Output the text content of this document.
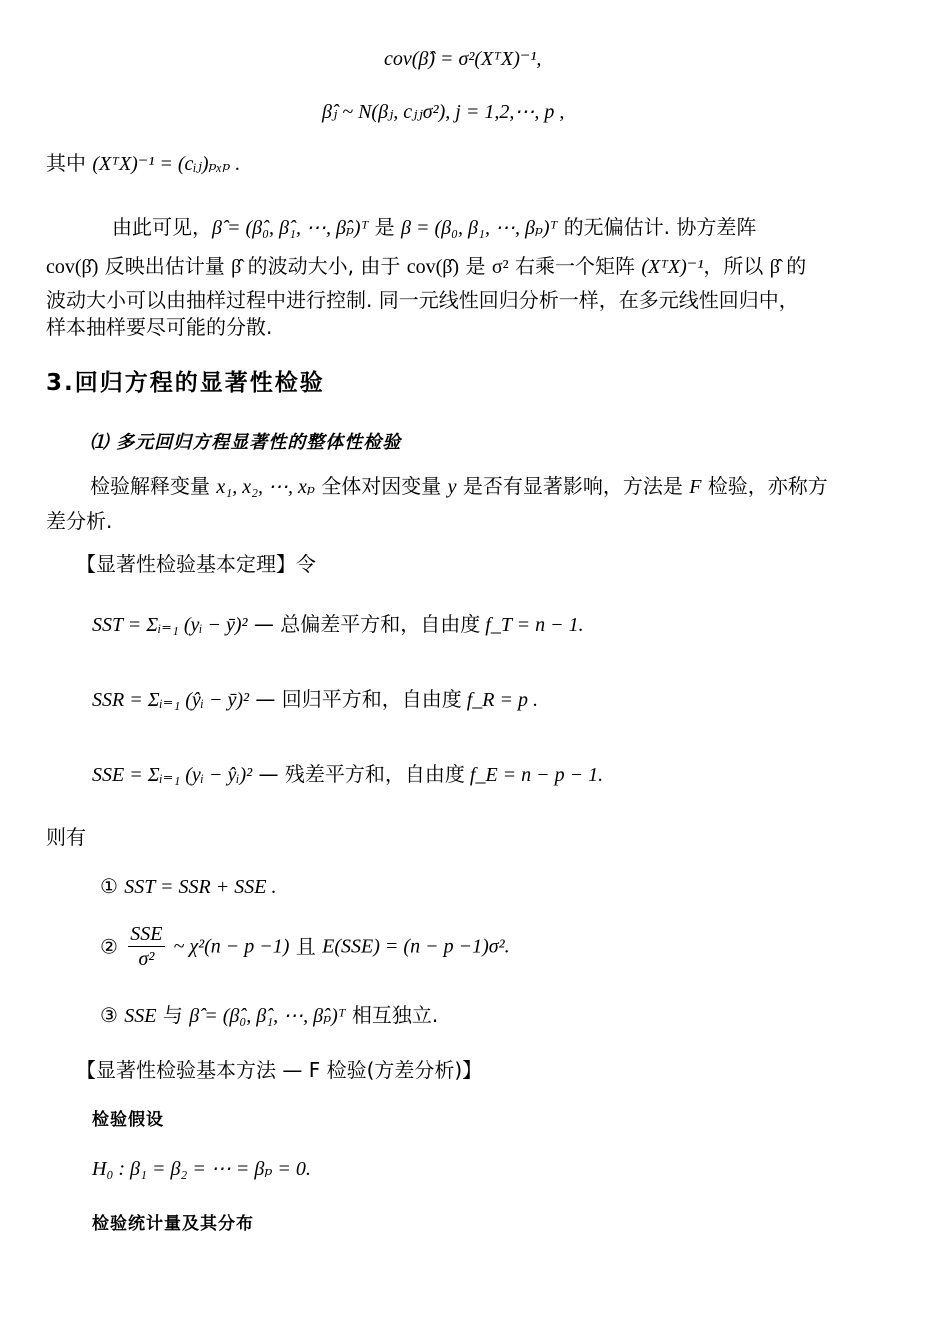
cov(β̂) = σ²(XᵀX)⁻¹,
β̂ⱼ ~ N(βⱼ, cⱼⱼσ²), j = 1,2,⋯, p ,
其中 (XᵀX)⁻¹ = (cᵢⱼ)ₚₓₚ .
由此可见，β̂ = (β̂₀, β̂₁, ⋯, β̂ₚ)ᵀ 是 β = (β₀, β₁, ⋯, βₚ)ᵀ 的无偏估计. 协方差阵
cov(β̂) 反映出估计量 β̂ 的波动大小, 由于 cov(β̂) 是 σ² 右乘一个矩阵 (XᵀX)⁻¹，所以 β̂ 的
波动大小可以由抽样过程中进行控制. 同一元线性回归分析一样，在多元线性回归中，
样本抽样要尽可能的分散.
3.回归方程的显著性检验
⑴ 多元回归方程显著性的整体性检验
检验解释变量 x₁, x₂, ⋯, xₚ 全体对因变量 y 是否有显著影响，方法是 F 检验，亦称方
差分析.
【显著性检验基本定理】令
SST = Σᵢ₌₁ (yᵢ − ȳ)² — 总偏差平方和，自由度 f_T = n − 1.
SSR = Σᵢ₌₁ (ŷᵢ − ȳ)² — 回归平方和，自由度 f_R = p .
SSE = Σᵢ₌₁ (yᵢ − ŷᵢ)² — 残差平方和，自由度 f_E = n − p − 1.
则有
① SST = SSR + SSE .
② $\frac{\text{SSE}}{\text{σ²}}$ ~ χ²(n − p −1) 且 E(SSE) = (n − p −1)σ².
③ SSE 与 β̂ = (β̂₀, β̂₁, ⋯, β̂ₚ)ᵀ 相互独立.
【显著性检验基本方法 — F 检验(方差分析)】
检验假设
H₀ : β₁ = β₂ = ⋯ = βₚ = 0.
检验统计量及其分布
